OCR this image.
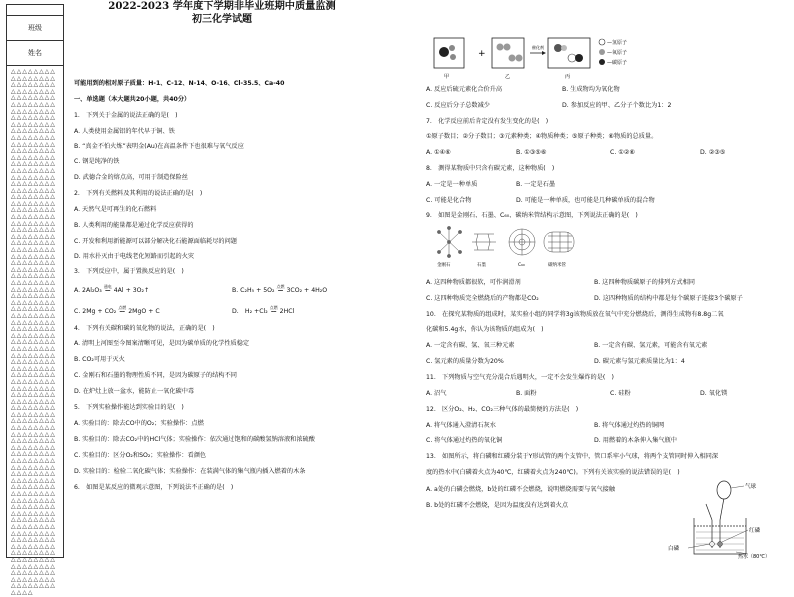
班级
姓名
△△△△△△△△△△△△△△△△△△△△△△△△△△△△△△△△△△△△△△△△△△△△△△△△△△△△△△△△△△△△△△△△△△△△△△△△△△△△△△△△△△△△△△△△△△△△△△△△△△△△△△△△△△△△△△△△△△△△△△△△△△△△△△△△△△△△△△△△△△△△△△△△△△△△△△△△△△△△△△△△△△△△△△△△△△△△△△△△△△△△△△△△△△△△△△△△△△△△△△△△△△△△△△△△△△△△△△△△△△△△△△△△△△△△△△△△△△△△△△△△△△△△△△△△△△△△△△△△△△△△△△△△△△△△△△△△△△△△△△△△△△△△△△△△△△△△△△△△△△△△△△△△△△△△△△△△△△△△△△△△△△△△△△△△△△△△△△△△△△△△△△△△△△△△△△△△△△△△△△△△△△△△△△△△△△△△△△△△△△△△△△△△△△△△△△△△△△△△△△△△△△△△△△△△△△△△△△△△△△△△△△△△△△△△△△△△△△△△△△△△△△△△△△△△△△△△△△△△△△△△△△△△△△△△△△△△△△△△△△△△△△△△△△△△△△△△△△△△△△△△△△△△△△△△△△△△△△△△△△△△△△△△△△△△△△△△△△△△△△△△△△△△△△△△△△△△△△△△△△△△△△△△△△△△△△△△△△△△△△△△△△△△△△△△△△△△△△△△△△△△△△△△△△△△△△△△△△△△△△△△△△△△△△△△△△△△△△△△
2022-2023 学年度下学期非毕业班期中质量监测
初三化学试题
可能用到的相对原子质量：H-1、C-12、N-14、O-16、Cl-35.5、Ca-40
一、单选题（本大题共20小题，共40分）
1.　下列关于金属的说法正确的是(　)
A. 人类使用金属铝的年代早于铜、铁
B. “真金不怕火炼”表明金(Au)在高温条件下也很难与氧气反应
C. 钢是纯净的铁
D. 武德合金的熔点高，可用于制造保险丝
2.　下列有关燃料及其利用的说法正确的是(　)
A. 天然气是可再生的化石燃料
B. 人类利用的能量都是通过化学反应获得的
C. 开发和利用新能源可以部分解决化石能源面临耗尽的问题
D. 用水扑灭由于电线老化短路而引起的火灾
3.　下列反应中，属于置换反应的是(　)
A. 2Al₂O₃ 通电
══ 4Al + 3O₂↑	B. C₂H₅ + 5O₂ 点燃
══ 3CO₂ + 4H₂O
C. 2Mg + CO₂ 点燃
══ 2MgO + C	D.　H₂ +Cl₂ 点燃
══ 2HCl
4.　下列有关碳和碳的氧化物的说法，正确的是(　)
A. 清明上河图至今图案清晰可见，是因为碳单质的化学性质稳定
B. CO₂可用于灭火
C. 金刚石和石墨的物理性质不同，是因为碳原子的结构不同
D. 在炉灶上放一盆水，能防止一氧化碳中毒
5.　下列实验操作能达到实验目的是(　)
A. 实验目的：除去CO中的O₂；实验操作：点燃
B. 实验目的：除去CO₂中的HCl气体；实验操作：依次通过饱和的碳酸氢钠溶液和浓硫酸
C. 实验目的：区分O₂和SO₂；实验操作：看颜色
D. 实验目的：检验二氧化碳气体；实验操作：在装满气体的集气瓶内插入燃着的木条
6.　如图是某反应的微观示意图，下列说法不正确的是(　)
+
催化剂
甲	乙	丙
—氢原子
—氧原子
—碳原子
A. 反应后硫元素化合价升高	B. 生成物均为氧化物
C. 反应后分子总数减少	D. 参加反应的甲、乙分子个数比为1：2
7.　化学反应前后肯定没有发生变化的是(　)
①原子数目；②分子数目；③元素种类；④物质种类；⑤原子种类；⑥物质的总质量。
A. ①④⑥	B. ①③⑤⑥	C. ①②⑥	D. ②③⑤
8.　测得某物质中只含有碳元素，这种物质(　)
A. 一定是一种单质	B. 一定是石墨
C. 可能是化合物	D. 可能是一种单质，也可能是几种碳单质的混合物
9.　如图是金刚石、石墨、C₆₀、碳纳米管结构示意图，下列说法正确的是(　)
金刚石	石墨	C₆₀	碳纳米管
A. 这四种物质都很软，可作润滑剂	B. 这四种物质碳原子的排列方式相同
C. 这四种物质完全燃烧后的产物都是CO₂	D. 这四种物质的结构中都是每个碳原子连接3个碳原子
10.　在探究某物质的组成时，某实验小组的同学将3g该物质放在氧气中充分燃烧后，测得生成物有8.8g二氧
化碳和5.4g水，你认为该物质的组成为(　)
A. 一定含有碳、氢、氧三种元素	B. 一定含有碳、氢元素，可能含有氧元素
C. 氢元素的质量分数为20%	D. 碳元素与氢元素质量比为1：4
11.　下列物质与空气充分混合后遇明火，一定不会发生爆炸的是(　)
A. 沼气	B. 面粉	C. 硅粉	D. 氧化镁
12.　区分O₂、H₂、CO₂三种气体的最简便的方法是(　)
A. 将气体通入澄清石灰水	B. 将气体通过灼热的铜网
C. 将气体通过灼热的氧化铜	D. 用燃着的木条伸入集气瓶中
13.　如图所示，将白磷和红磷分装于Y形试管的两个支管中，管口系牢小气球，将两个支管同时伸入相同深
度的热水中(白磷着火点为40℃，红磷着火点为240℃)。下列有关该实验的说法错误的是(　)
A. a处的白磷会燃烧，b处的红磷不会燃烧，说明燃烧需要与氧气接触
B. b处的红磷不会燃烧，是因为温度没有达到着火点
气球
红磷
白磷
热水（80℃）
